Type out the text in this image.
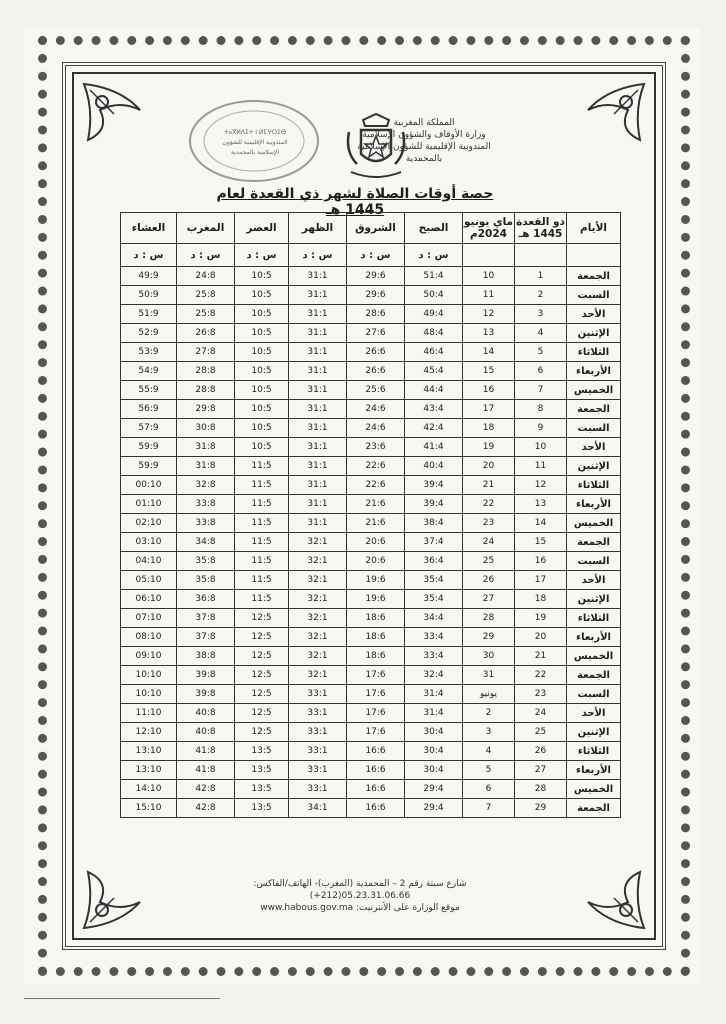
المملكة المغربية
وزارة الأوقاف والشؤون الإسلامية
المندوبية الإقليمية للشؤون الإسلامية
بالمحمدية
ⵜⴰⴳⵍⴷⵉⵜ ⵏ ⵍⵎⵖⵔⵉⴱ
المندوبية الإقليمية للشؤون
الإسلامية بالمحمدية
حصة أوقات الصلاة لشهر ذي القعدة لعام 1445 هـ
الأيام	ذو القعدة 1445 هـ	ماي يونيو 2024م	الصبح	الشروق	الظهر	العصر	المغرب	العشاء
			س : د	س : د	س : د	س : د	س : د	س : د
الجمعة	1	10	51:4	29:6	31:1	10:5	24:8	49:9
السبت	2	11	50:4	29:6	31:1	10:5	25:8	50:9
الأحد	3	12	49:4	28:6	31:1	10:5	25:8	51:9
الإثنين	4	13	48:4	27:6	31:1	10:5	26:8	52:9
الثلاثاء	5	14	46:4	26:6	31:1	10:5	27:8	53:9
الأربعاء	6	15	45:4	26:6	31:1	10:5	28:8	54:9
الخميس	7	16	44:4	25:6	31:1	10:5	28:8	55:9
الجمعة	8	17	43:4	24:6	31:1	10:5	29:8	56:9
السبت	9	18	42:4	24:6	31:1	10:5	30:8	57:9
الأحد	10	19	41:4	23:6	31:1	10:5	31:8	59:9
الإثنين	11	20	40:4	22:6	31:1	11:5	31:8	59:9
الثلاثاء	12	21	39:4	22:6	31:1	11:5	32:8	00:10
الأربعاء	13	22	39:4	21:6	31:1	11:5	33:8	01:10
الخميس	14	23	38:4	21:6	31:1	11:5	33:8	02:10
الجمعة	15	24	37:4	20:6	32:1	11:5	34:8	03:10
السبت	16	25	36:4	20:6	32:1	11:5	35:8	04:10
الأحد	17	26	35:4	19:6	32:1	11:5	35:8	05:10
الإثنين	18	27	35:4	19:6	32:1	11:5	36:8	06:10
الثلاثاء	19	28	34:4	18:6	32:1	12:5	37:8	07:10
الأربعاء	20	29	33:4	18:6	32:1	12:5	37:8	08:10
الخميس	21	30	33:4	18:6	32:1	12:5	38:8	09:10
الجمعة	22	31	32:4	17:6	32:1	12:5	39:8	10:10
السبت	23	يونيو	31:4	17:6	33:1	12:5	39:8	10:10
الأحد	24	2	31:4	17:6	33:1	12:5	40:8	11:10
الإثنين	25	3	30:4	17:6	33:1	12:5	40:8	12:10
الثلاثاء	26	4	30:4	16:6	33:1	13:5	41:8	13:10
الأربعاء	27	5	30:4	16:6	33:1	13:5	41:8	13:10
الخميس	28	6	29:4	16:6	33:1	13:5	42:8	14:10
الجمعة	29	7	29:4	16:6	34:1	13:5	42:8	15:10
شارع سبتة رقم 2 – المحمدية (المغرب)- الهاتف/الفاكس: 05.23.31.06.66(212+)
موقع الوزارة على الأنترنيت: www.habous.gov.ma
